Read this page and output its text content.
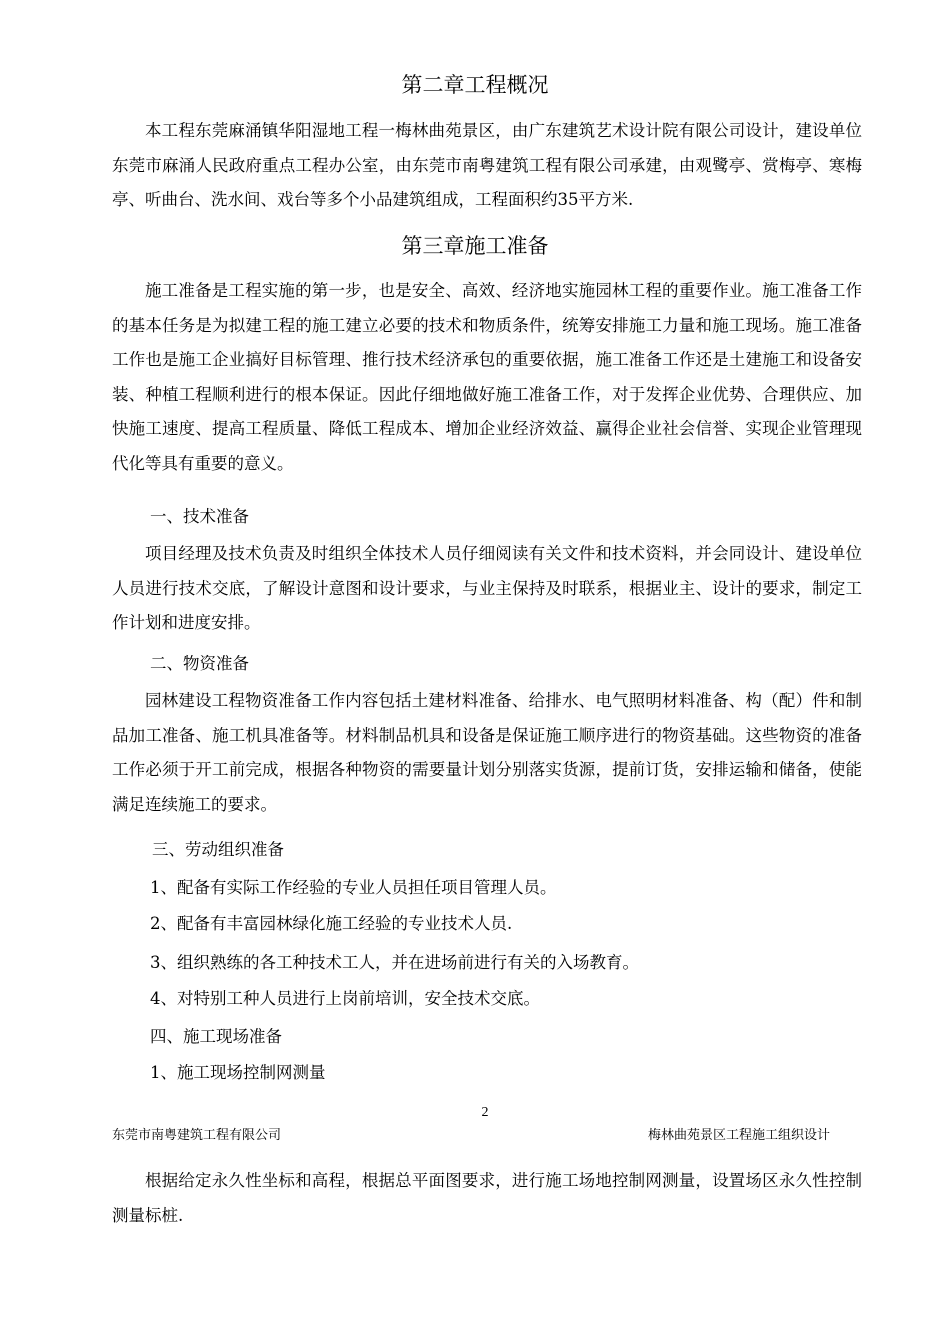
第二章工程概况
本工程东莞麻涌镇华阳湿地工程一梅林曲苑景区，由广东建筑艺术设计院有限公司设计，建设单位东莞市麻涌人民政府重点工程办公室，由东莞市南粤建筑工程有限公司承建，由观鹭亭、赏梅亭、寒梅亭、听曲台、洗水间、戏台等多个小品建筑组成，工程面积约35平方米.
第三章施工准备
施工准备是工程实施的第一步，也是安全、高效、经济地实施园林工程的重要作业。施工准备工作的基本任务是为拟建工程的施工建立必要的技术和物质条件，统筹安排施工力量和施工现场。施工准备工作也是施工企业搞好目标管理、推行技术经济承包的重要依据，施工准备工作还是土建施工和设备安装、种植工程顺利进行的根本保证。因此仔细地做好施工准备工作，对于发挥企业优势、合理供应、加快施工速度、提高工程质量、降低工程成本、增加企业经济效益、赢得企业社会信誉、实现企业管理现代化等具有重要的意义。
一、技术准备
项目经理及技术负责及时组织全体技术人员仔细阅读有关文件和技术资料，并会同设计、建设单位人员进行技术交底，了解设计意图和设计要求，与业主保持及时联系，根据业主、设计的要求，制定工作计划和进度安排。
二、物资准备
园林建设工程物资准备工作内容包括土建材料准备、给排水、电气照明材料准备、构（配）件和制品加工准备、施工机具准备等。材料制品机具和设备是保证施工顺序进行的物资基础。这些物资的准备工作必须于开工前完成，根据各种物资的需要量计划分别落实货源，提前订货，安排运输和储备，使能满足连续施工的要求。
三、劳动组织准备
1、配备有实际工作经验的专业人员担任项目管理人员。
2、配备有丰富园林绿化施工经验的专业技术人员.
3、组织熟练的各工种技术工人，并在进场前进行有关的入场教育。
4、对特别工种人员进行上岗前培训，安全技术交底。
四、施工现场准备
1、施工现场控制网测量
2
东莞市南粤建筑工程有限公司	梅林曲苑景区工程施工组织设计
根据给定永久性坐标和高程，根据总平面图要求，进行施工场地控制网测量，设置场区永久性控制测量标桩.
